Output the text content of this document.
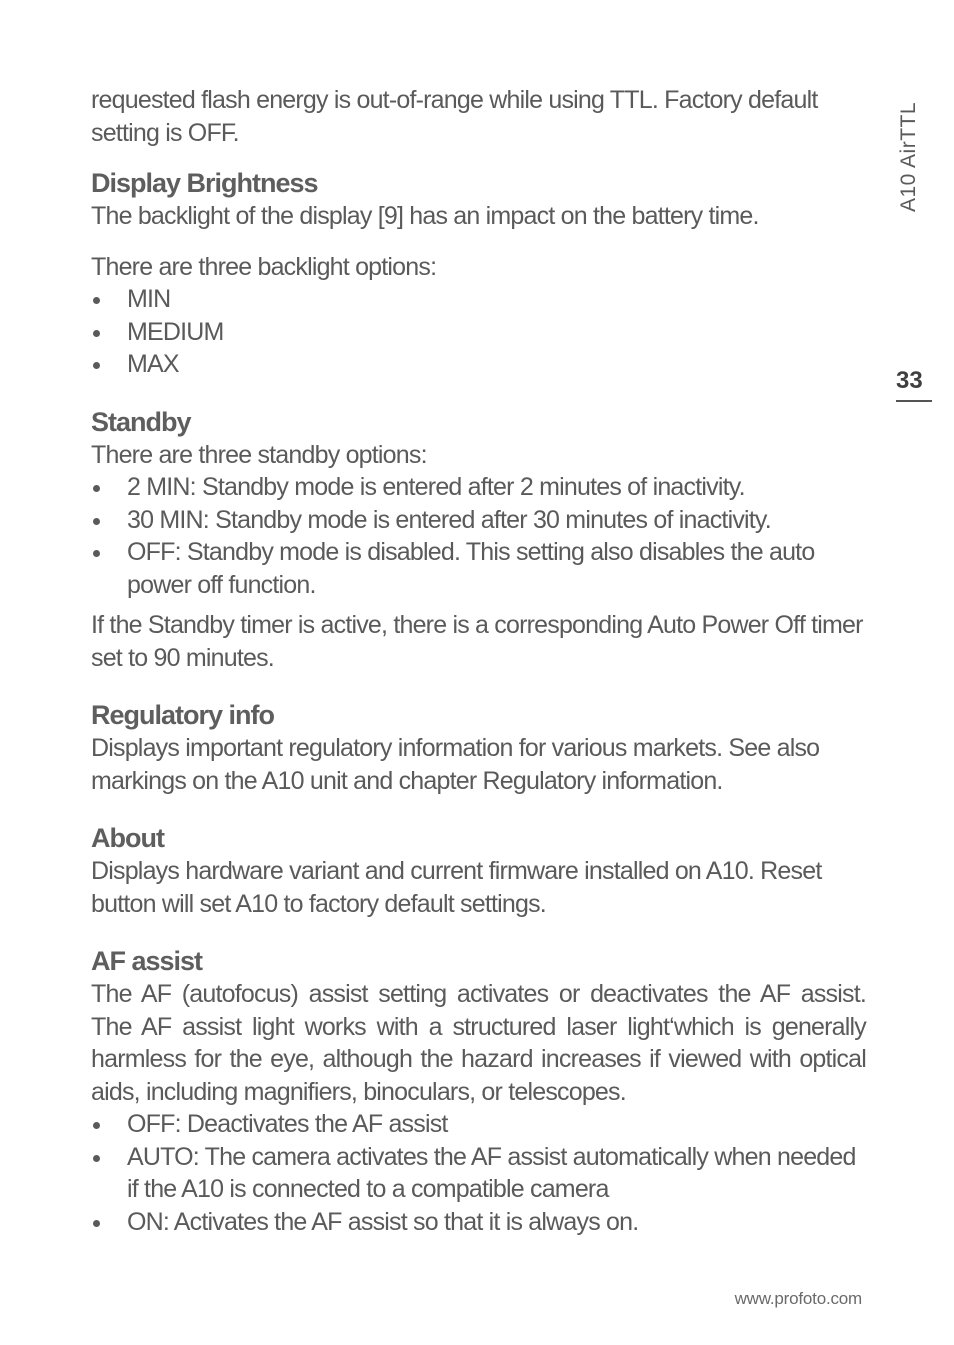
A10 AirTTL
33

requested flash energy is out-of-range while using TTL. Factory default setting is OFF.

Display Brightness

The backlight of the display [9] has an impact on the battery time.

There are three backlight options:

MIN
MEDIUM
MAX
Standby

There are three standby options:

2 MIN: Standby mode is entered after 2 minutes of inactivity.
30 MIN: Standby mode is entered after 30 minutes of inactivity.
OFF: Standby mode is disabled. This setting also disables the auto power off function.

If the Standby timer is active, there is a corresponding Auto Power Off timer set to 90 minutes.

Regulatory info

Displays important regulatory information for various markets. See also markings on the A10 unit and chapter Regulatory information.

About

Displays hardware variant and current firmware installed on A10. Reset button will set A10 to factory default settings.

AF assist

The AF (autofocus) assist setting activates or deactivates the AF assist. The AF assist light works with a structured laser light‘which is generally harmless for the eye, although the hazard increases if viewed with optical aids, including magnifiers, binoculars, or telescopes.

OFF: Deactivates the AF assist
AUTO: The camera activates the AF assist automatically when needed if the A10 is connected to a compatible camera
ON: Activates the AF assist so that it is always on.
www.profoto.com
